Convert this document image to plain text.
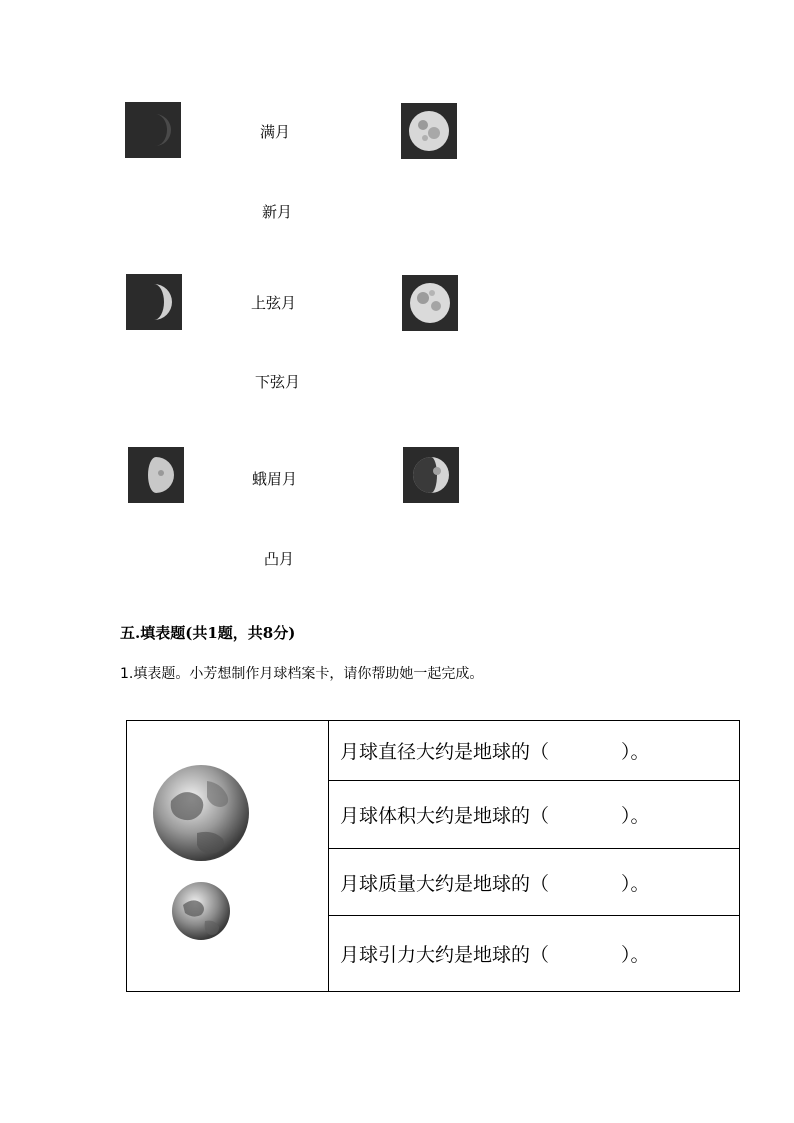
满月
新月
上弦月
下弦月
蛾眉月
凸月
五.填表题(共1题，共8分)
1.填表题。小芳想制作月球档案卡，请你帮助她一起完成。
月球直径大约是地球的（	）。
月球体积大约是地球的（	）。
月球质量大约是地球的（	）。
月球引力大约是地球的（	）。
